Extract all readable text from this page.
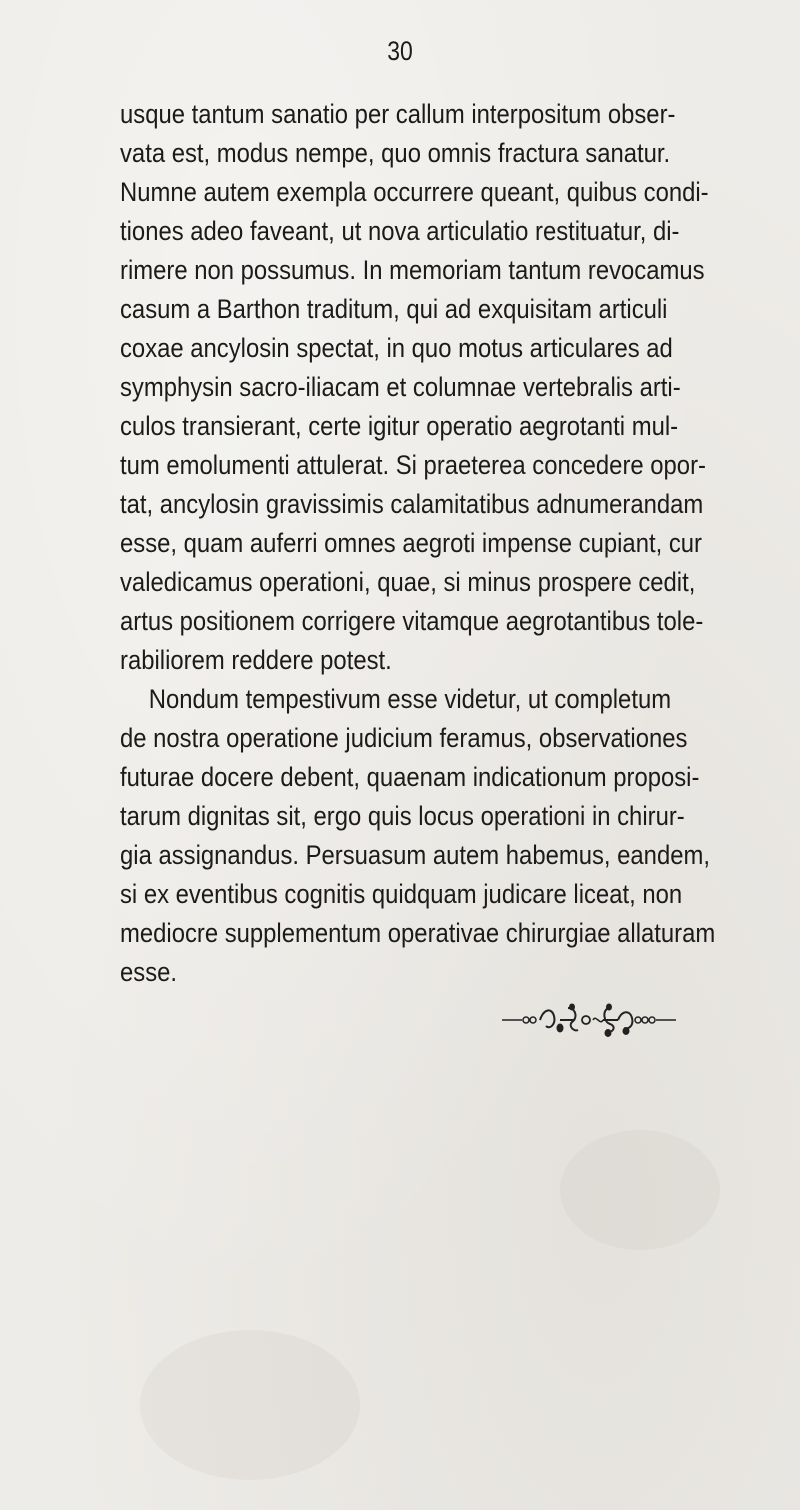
30
usque tantum sanatio per callum interpositum obser-
vata est, modus nempe, quo omnis fractura sanatur.
Numne autem exempla occurrere queant, quibus condi-
tiones adeo faveant, ut nova articulatio restituatur, di-
rimere non possumus. In memoriam tantum revocamus
casum a Barthon traditum, qui ad exquisitam articuli
coxae ancylosin spectat, in quo motus articulares ad
symphysin sacro-iliacam et columnae vertebralis arti-
culos transierant, certe igitur operatio aegrotanti mul-
tum emolumenti attulerat. Si praeterea concedere opor-
tat, ancylosin gravissimis calamitatibus adnumerandam
esse, quam auferri omnes aegroti impense cupiant, cur
valedicamus operationi, quae, si minus prospere cedit,
artus positionem corrigere vitamque aegrotantibus tole-
rabiliorem reddere potest.
Nondum tempestivum esse videtur, ut completum
de nostra operatione judicium feramus, observationes
futurae docere debent, quaenam indicationum proposi-
tarum dignitas sit, ergo quis locus operationi in chirur-
gia assignandus. Persuasum autem habemus, eandem,
si ex eventibus cognitis quidquam judicare liceat, non
mediocre supplementum operativae chirurgiae allaturam
esse.
